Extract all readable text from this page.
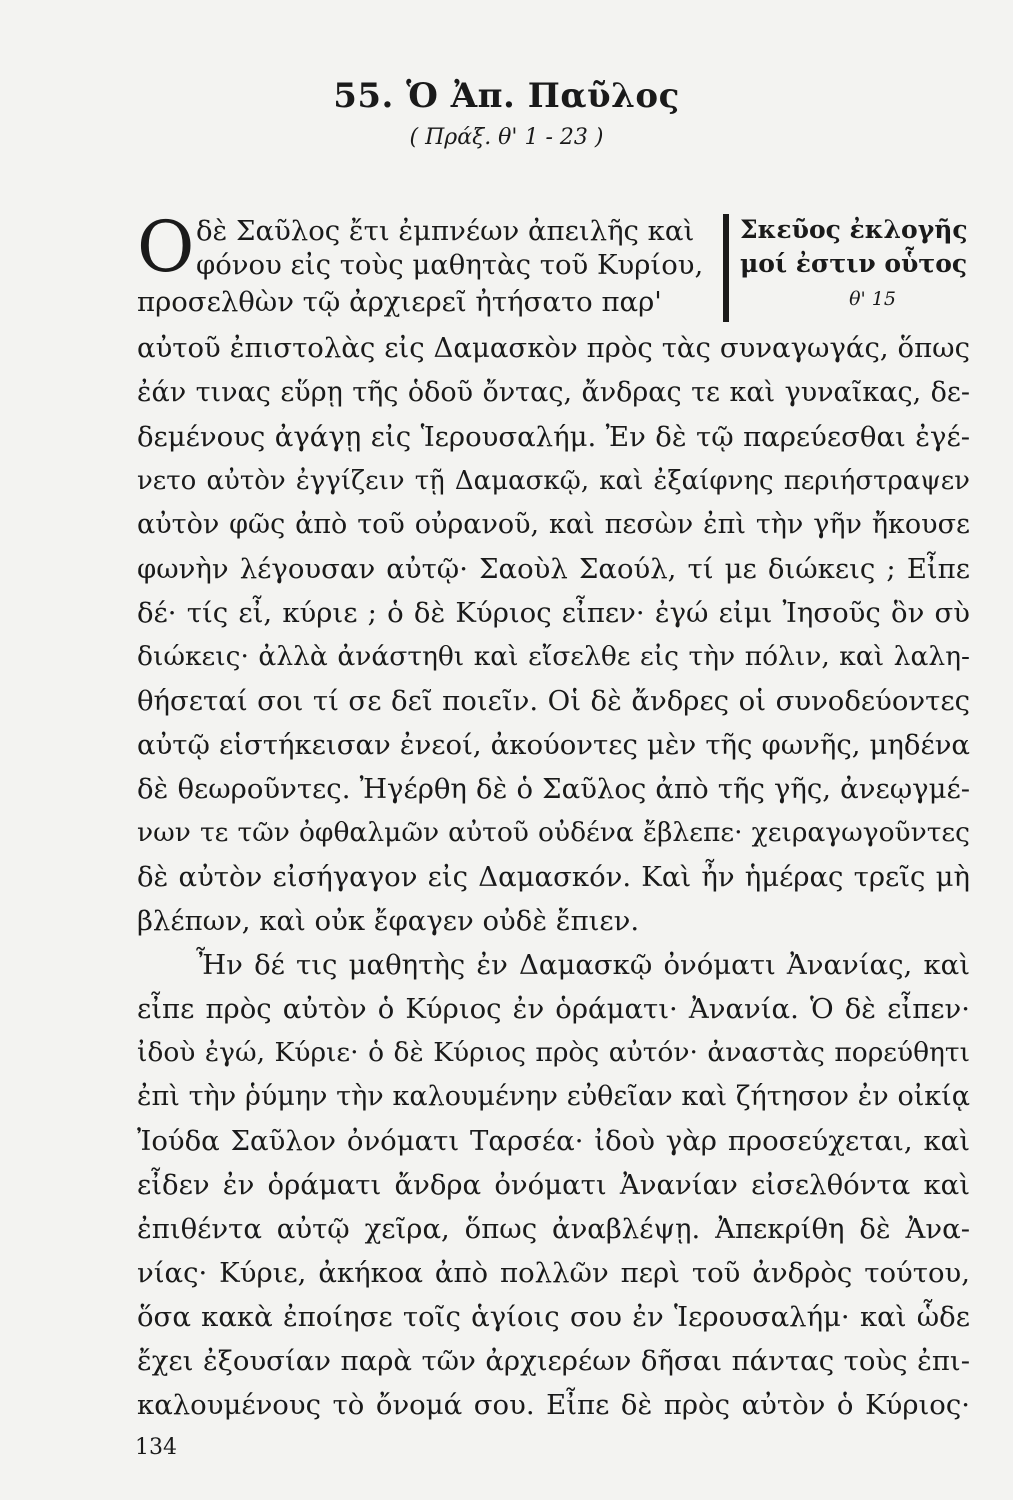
55. Ὁ Ἀπ. Παῦλος
( Πράξ. θ' 1 - 23 )
Ο	Σκεῦος ἐκλογῆς
μοί ἐστιν οὗτος
θ' 15
δὲ Σαῦλος ἔτι ἐμπνέων ἀπειλῆς καὶ
φόνου εἰς τοὺς μαθητὰς τοῦ Κυρίου,
προσελθὼν τῷ ἀρχιερεῖ ἠτήσατο παρ'
αὐτοῦ ἐπιστολὰς εἰς Δαμασκὸν πρὸς τὰς συναγωγάς, ὅπως
ἐάν τινας εὕρῃ τῆς ὁδοῦ ὄντας, ἄνδρας τε καὶ γυναῖκας, δε-
δεμένους ἀγάγῃ εἰς Ἱερουσαλήμ. Ἐν δὲ τῷ παρεύεσθαι ἐγέ-
νετο αὐτὸν ἐγγίζειν τῇ Δαμασκῷ, καὶ ἐξαίφνης περιήστραψεν
αὐτὸν φῶς ἀπὸ τοῦ οὐρανοῦ, καὶ πεσὼν ἐπὶ τὴν γῆν ἤκουσε
φωνὴν λέγουσαν αὐτῷ· Σαοὺλ Σαούλ, τί με διώκεις ; Εἶπε
δέ· τίς εἶ, κύριε ; ὁ δὲ Κύριος εἶπεν· ἐγώ εἰμι Ἰησοῦς ὃν σὺ
διώκεις· ἀλλὰ ἀνάστηθι καὶ εἴσελθε εἰς τὴν πόλιν, καὶ λαλη-
θήσεταί σοι τί σε δεῖ ποιεῖν. Οἱ δὲ ἄνδρες οἱ συνοδεύοντες
αὐτῷ εἱστήκεισαν ἐνεοί, ἀκούοντες μὲν τῆς φωνῆς, μηδένα
δὲ θεωροῦντες. Ἠγέρθη δὲ ὁ Σαῦλος ἀπὸ τῆς γῆς, ἀνεῳγμέ-
νων τε τῶν ὀφθαλμῶν αὐτοῦ οὐδένα ἔβλεπε· χειραγωγοῦντες
δὲ αὐτὸν εἰσήγαγον εἰς Δαμασκόν. Καὶ ἦν ἡμέρας τρεῖς μὴ
βλέπων, καὶ οὐκ ἔφαγεν οὐδὲ ἔπιεν.
Ἦν δέ τις μαθητὴς ἐν Δαμασκῷ ὀνόματι Ἀνανίας, καὶ
εἶπε πρὸς αὐτὸν ὁ Κύριος ἐν ὁράματι· Ἀνανία. Ὁ δὲ εἶπεν·
ἰδοὺ ἐγώ, Κύριε· ὁ δὲ Κύριος πρὸς αὐτόν· ἀναστὰς πορεύθητι
ἐπὶ τὴν ῥύμην τὴν καλουμένην εὐθεῖαν καὶ ζήτησον ἐν οἰκίᾳ
Ἰούδα Σαῦλον ὀνόματι Ταρσέα· ἰδοὺ γὰρ προσεύχεται, καὶ
εἶδεν ἐν ὁράματι ἄνδρα ὀνόματι Ἀνανίαν εἰσελθόντα καὶ
ἐπιθέντα αὐτῷ χεῖρα, ὅπως ἀναβλέψῃ. Ἀπεκρίθη δὲ Ἀνα-
νίας· Κύριε, ἀκήκοα ἀπὸ πολλῶν περὶ τοῦ ἀνδρὸς τούτου,
ὅσα κακὰ ἐποίησε τοῖς ἁγίοις σου ἐν Ἱερουσαλήμ· καὶ ὧδε
ἔχει ἐξουσίαν παρὰ τῶν ἀρχιερέων δῆσαι πάντας τοὺς ἐπι-
καλουμένους τὸ ὄνομά σου. Εἶπε δὲ πρὸς αὐτὸν ὁ Κύριος·
134
